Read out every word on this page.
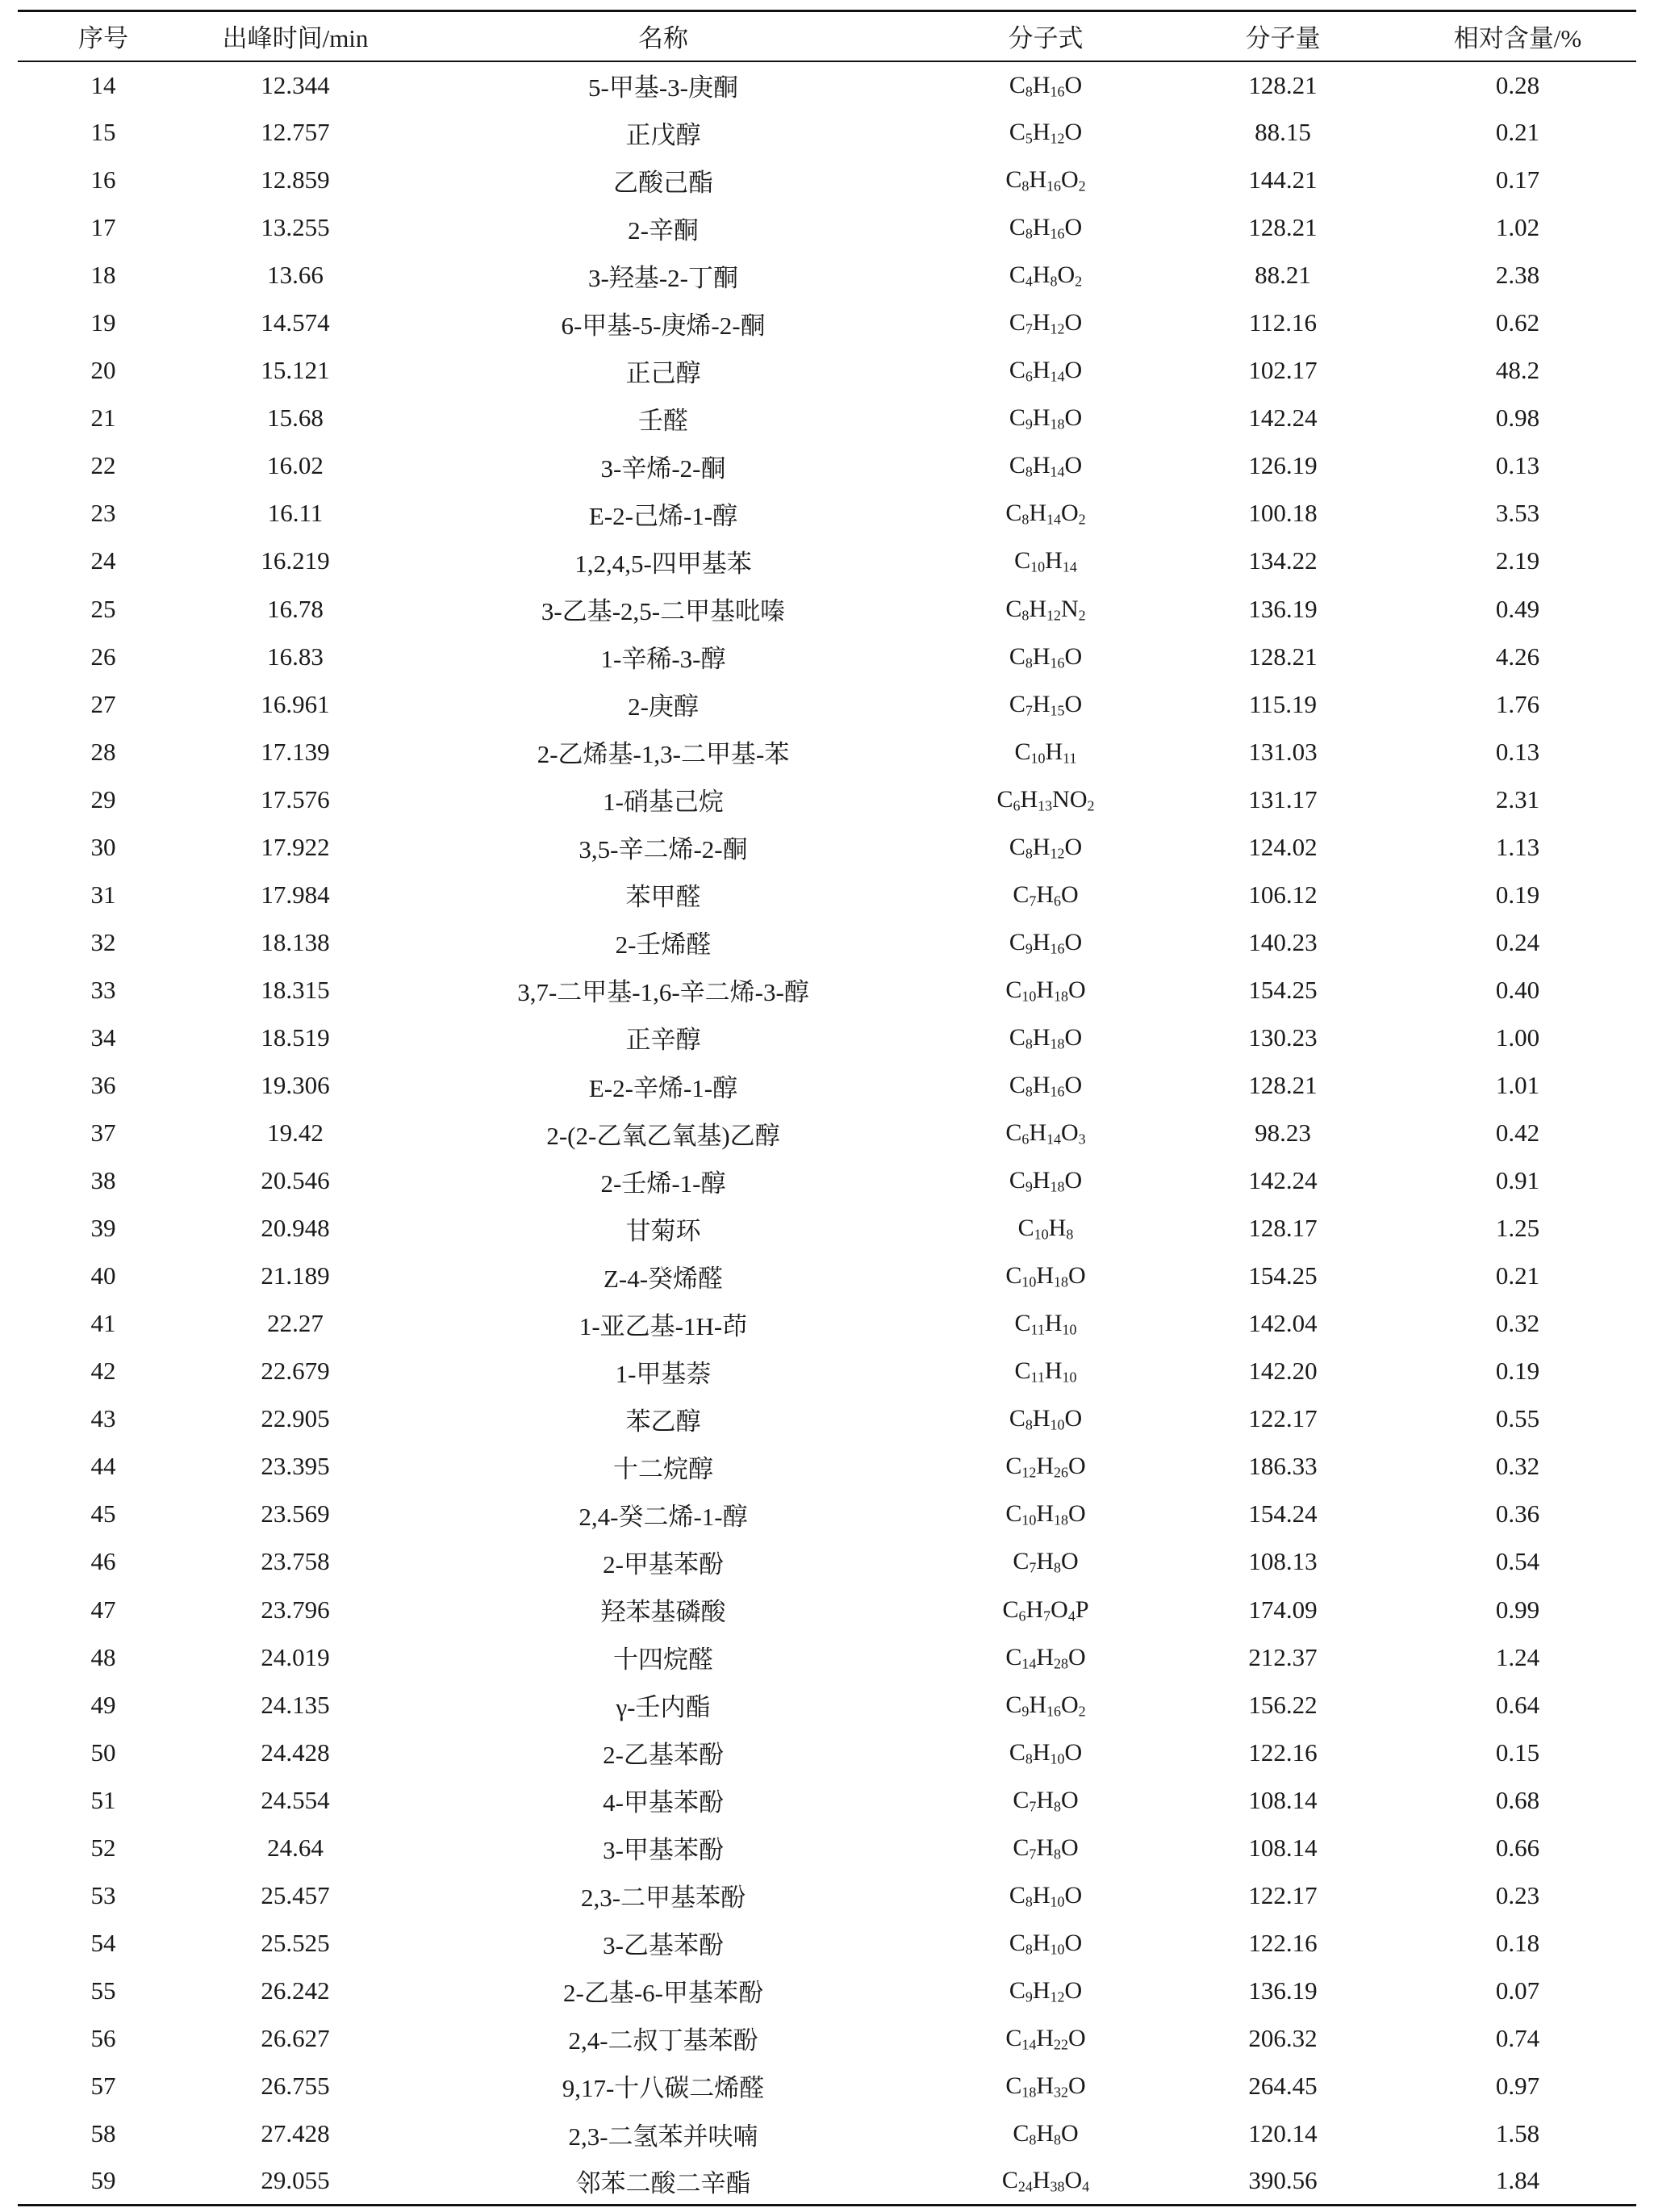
序号	出峰时间/min	名称	分子式	分子量	相对含量/%
14	12.344	5-甲基-3-庚酮	$C_8H_{16}O$	128.21	0.28
15	12.757	正戊醇	$C_5H_{12}O$	88.15	0.21
16	12.859	乙酸己酯	$C_8H_{16}O_2$	144.21	0.17
17	13.255	2-辛酮	$C_8H_{16}O$	128.21	1.02
18	13.66	3-羟基-2-丁酮	$C_4H_8O_2$	88.21	2.38
19	14.574	6-甲基-5-庚烯-2-酮	$C_7H_{12}O$	112.16	0.62
20	15.121	正己醇	$C_6H_{14}O$	102.17	48.2
21	15.68	壬醛	$C_9H_{18}O$	142.24	0.98
22	16.02	3-辛烯-2-酮	$C_8H_{14}O$	126.19	0.13
23	16.11	E-2-己烯-1-醇	$C_8H_{14}O_2$	100.18	3.53
24	16.219	1,2,4,5-四甲基苯	$C_{10}H_{14}$	134.22	2.19
25	16.78	3-乙基-2,5-二甲基吡嗪	$C_8H_{12}N_2$	136.19	0.49
26	16.83	1-辛稀-3-醇	$C_8H_{16}O$	128.21	4.26
27	16.961	2-庚醇	$C_7H_{15}O$	115.19	1.76
28	17.139	2-乙烯基-1,3-二甲基-苯	$C_{10}H_{11}$	131.03	0.13
29	17.576	1-硝基己烷	$C_6H_{13}NO_2$	131.17	2.31
30	17.922	3,5-辛二烯-2-酮	$C_8H_{12}O$	124.02	1.13
31	17.984	苯甲醛	$C_7H_6O$	106.12	0.19
32	18.138	2-壬烯醛	$C_9H_{16}O$	140.23	0.24
33	18.315	3,7-二甲基-1,6-辛二烯-3-醇	$C_{10}H_{18}O$	154.25	0.40
34	18.519	正辛醇	$C_8H_{18}O$	130.23	1.00
36	19.306	E-2-辛烯-1-醇	$C_8H_{16}O$	128.21	1.01
37	19.42	2-(2-乙氧乙氧基)乙醇	$C_6H_{14}O_3$	98.23	0.42
38	20.546	2-壬烯-1-醇	$C_9H_{18}O$	142.24	0.91
39	20.948	甘菊环	$C_{10}H_8$	128.17	1.25
40	21.189	Z-4-癸烯醛	$C_{10}H_{18}O$	154.25	0.21
41	22.27	1-亚乙基-1H-茚	$C_{11}H_{10}$	142.04	0.32
42	22.679	1-甲基萘	$C_{11}H_{10}$	142.20	0.19
43	22.905	苯乙醇	$C_8H_{10}O$	122.17	0.55
44	23.395	十二烷醇	$C_{12}H_{26}O$	186.33	0.32
45	23.569	2,4-癸二烯-1-醇	$C_{10}H_{18}O$	154.24	0.36
46	23.758	2-甲基苯酚	$C_7H_8O$	108.13	0.54
47	23.796	羟苯基磷酸	$C_6H_7O_4P$	174.09	0.99
48	24.019	十四烷醛	$C_{14}H_{28}O$	212.37	1.24
49	24.135	γ-壬内酯	$C_9H_{16}O_2$	156.22	0.64
50	24.428	2-乙基苯酚	$C_8H_{10}O$	122.16	0.15
51	24.554	4-甲基苯酚	$C_7H_8O$	108.14	0.68
52	24.64	3-甲基苯酚	$C_7H_8O$	108.14	0.66
53	25.457	2,3-二甲基苯酚	$C_8H_{10}O$	122.17	0.23
54	25.525	3-乙基苯酚	$C_8H_{10}O$	122.16	0.18
55	26.242	2-乙基-6-甲基苯酚	$C_9H_{12}O$	136.19	0.07
56	26.627	2,4-二叔丁基苯酚	$C_{14}H_{22}O$	206.32	0.74
57	26.755	9,17-十八碳二烯醛	$C_{18}H_{32}O$	264.45	0.97
58	27.428	2,3-二氢苯并呋喃	$C_8H_8O$	120.14	1.58
59	29.055	邻苯二酸二辛酯	$C_{24}H_{38}O_4$	390.56	1.84
